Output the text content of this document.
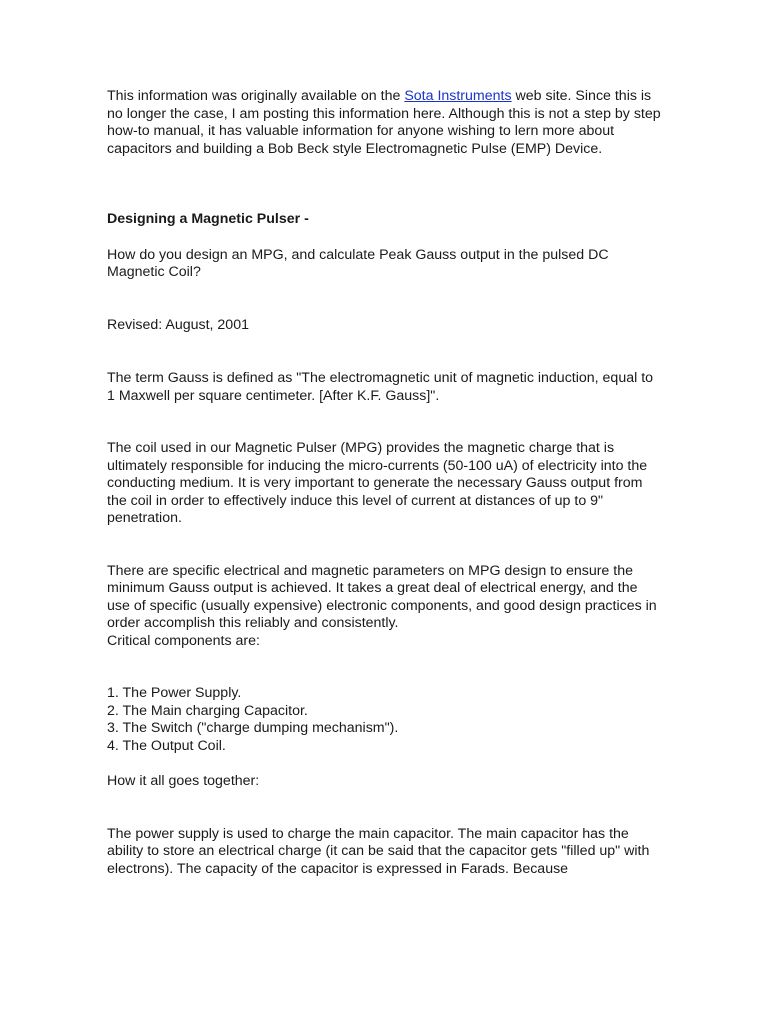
This information was originally available on the Sota Instruments web site. Since this is no longer the case, I am posting this information here. Although this is not a step by step how-to manual, it has valuable information for anyone wishing to lern more about capacitors and building a Bob Beck style Electromagnetic Pulse (EMP) Device.

Designing a Magnetic Pulser -

How do you design an MPG, and calculate Peak Gauss output in the pulsed DC Magnetic Coil?

Revised: August, 2001

The term Gauss is defined as "The electromagnetic unit of magnetic induction, equal to 1 Maxwell per square centimeter. [After K.F. Gauss]".

The coil used in our Magnetic Pulser (MPG) provides the magnetic charge that is ultimately responsible for inducing the micro-currents (50-100 uA) of electricity into the conducting medium. It is very important to generate the necessary Gauss output from the coil in order to effectively induce this level of current at distances of up to 9" penetration.

There are specific electrical and magnetic parameters on MPG design to ensure the minimum Gauss output is achieved. It takes a great deal of electrical energy, and the use of specific (usually expensive) electronic components, and good design practices in order accomplish this reliably and consistently.
Critical components are:

1. The Power Supply.
2. The Main charging Capacitor.
3. The Switch ("charge dumping mechanism").
4. The Output Coil.

How it all goes together:

The power supply is used to charge the main capacitor. The main capacitor has the ability to store an electrical charge (it can be said that the capacitor gets "filled up" with electrons). The capacity of the capacitor is expressed in Farads. Because
